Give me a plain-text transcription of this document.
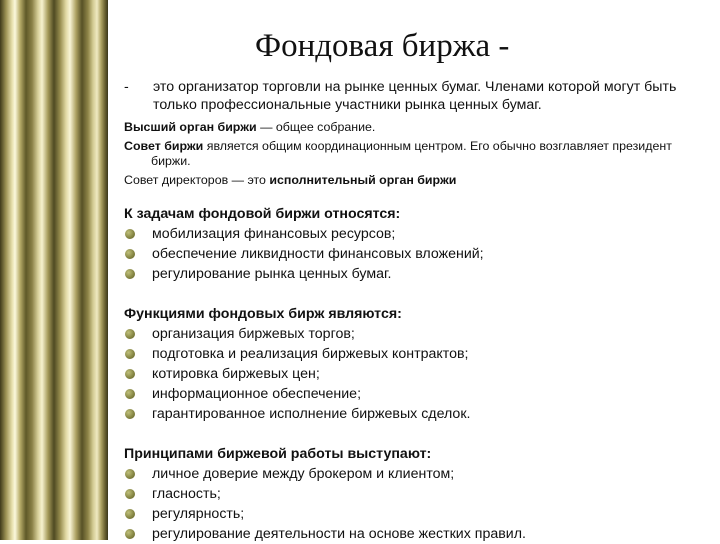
Фондовая биржа -
- это организатор торговли на рынке ценных бумаг. Членами которой могут быть только профессиональные участники рынка ценных бумаг.
Высший орган биржи — общее собрание.
Совет биржи является общим координационным центром. Его обычно возглавляет президент биржи.
Совет директоров — это исполнительный орган биржи
К задачам фондовой биржи относятся:
мобилизация финансовых ресурсов;
обеспечение ликвидности финансовых вложений;
регулирование рынка ценных бумаг.
Функциями фондовых бирж являются:
организация биржевых торгов;
подготовка и реализация биржевых контрактов;
котировка биржевых цен;
информационное обеспечение;
гарантированное исполнение биржевых сделок.
Принципами биржевой работы выступают:
личное доверие между брокером и клиентом;
гласность;
регулярность;
регулирование деятельности на основе жестких правил.
